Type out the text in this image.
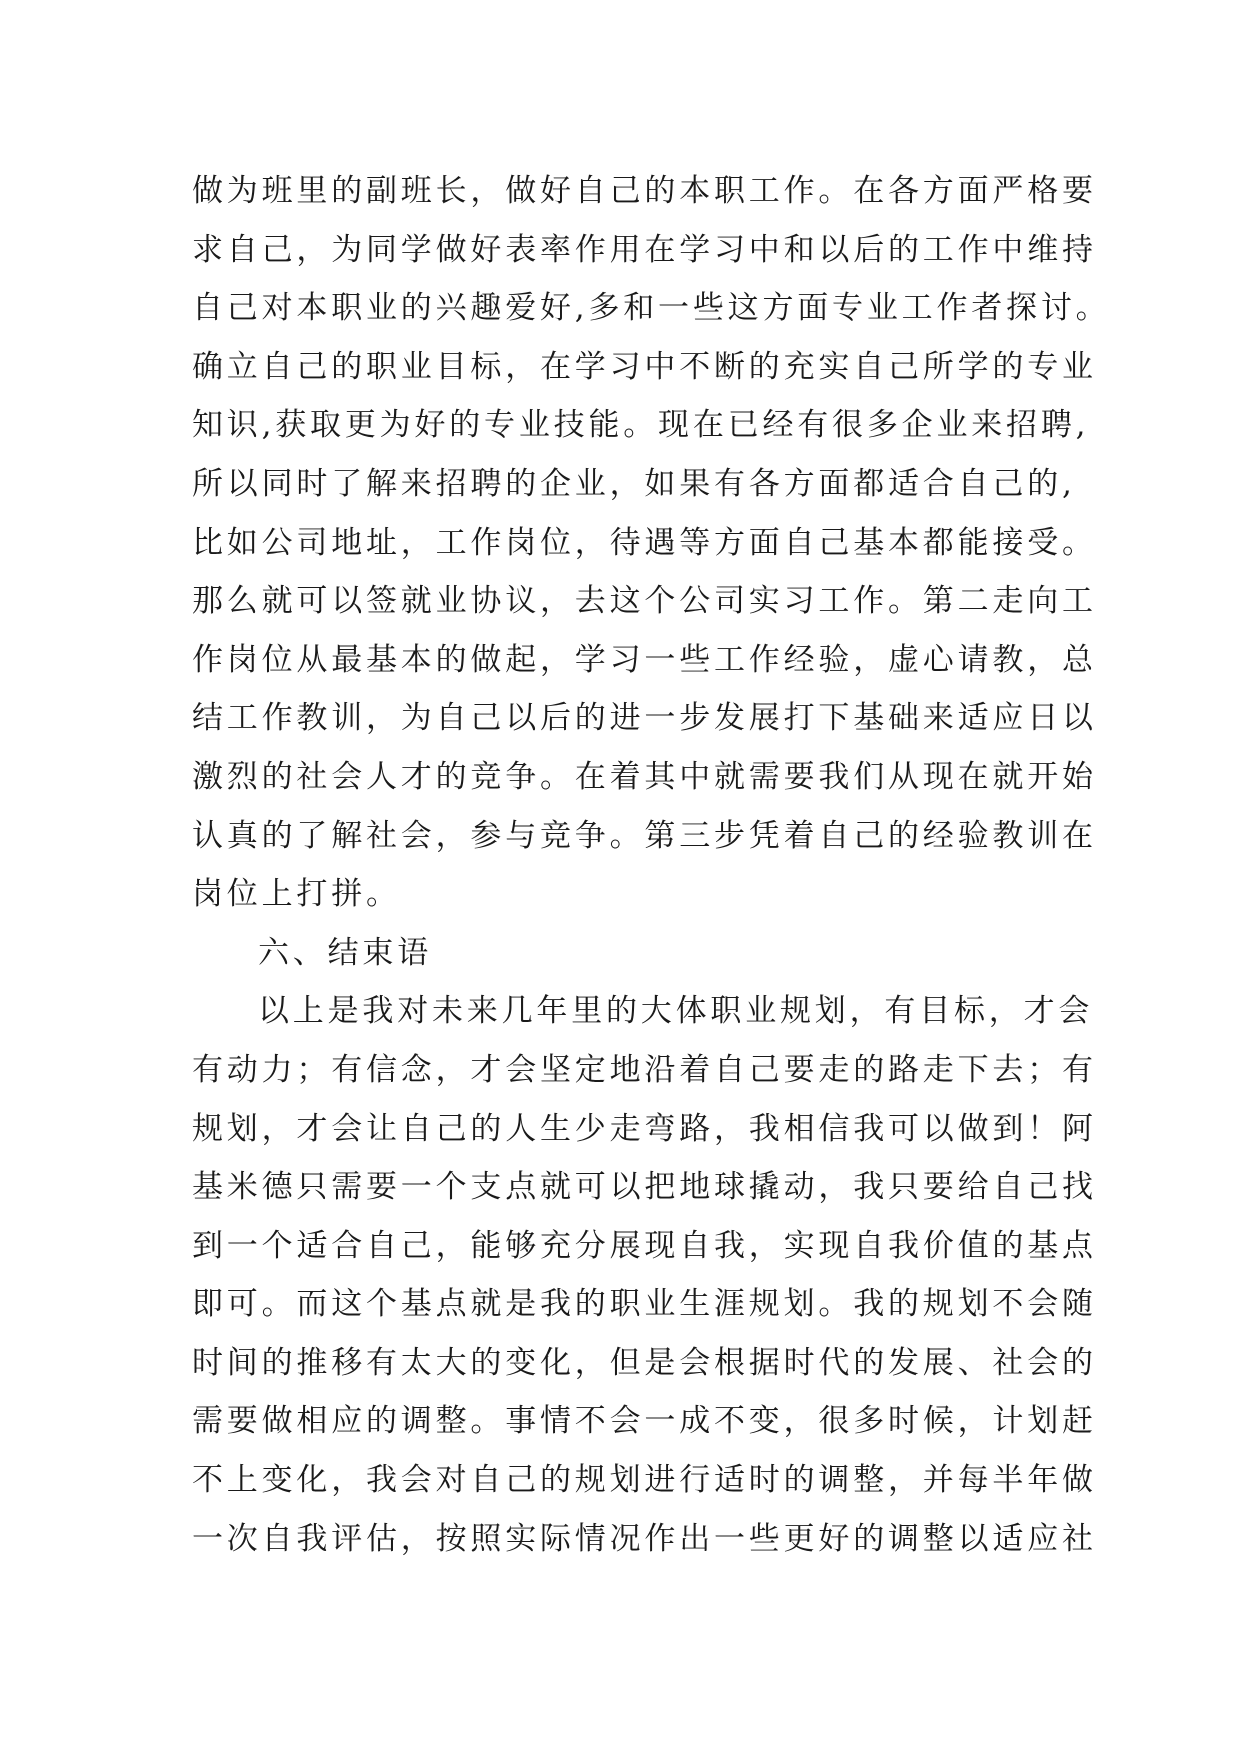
做为班里的副班长，做好自己的本职工作。在各方面严格要
求自己，为同学做好表率作用在学习中和以后的工作中维持
自己对本职业的兴趣爱好,多和一些这方面专业工作者探讨。
确立自己的职业目标，在学习中不断的充实自己所学的专业
知识,获取更为好的专业技能。现在已经有很多企业来招聘,
所以同时了解来招聘的企业，如果有各方面都适合自己的,
比如公司地址，工作岗位，待遇等方面自己基本都能接受。
那么就可以签就业协议，去这个公司实习工作。第二走向工
作岗位从最基本的做起，学习一些工作经验，虚心请教，总
结工作教训，为自己以后的进一步发展打下基础来适应日以
激烈的社会人才的竞争。在着其中就需要我们从现在就开始
认真的了解社会，参与竞争。第三步凭着自己的经验教训在
岗位上打拼。
六、结束语
以上是我对未来几年里的大体职业规划，有目标，才会
有动力；有信念，才会坚定地沿着自己要走的路走下去；有
规划，才会让自己的人生少走弯路，我相信我可以做到！阿
基米德只需要一个支点就可以把地球撬动，我只要给自己找
到一个适合自己，能够充分展现自我，实现自我价值的基点
即可。而这个基点就是我的职业生涯规划。我的规划不会随
时间的推移有太大的变化，但是会根据时代的发展、社会的
需要做相应的调整。事情不会一成不变，很多时候，计划赶
不上变化，我会对自己的规划进行适时的调整，并每半年做
一次自我评估，按照实际情况作出一些更好的调整以适应社
